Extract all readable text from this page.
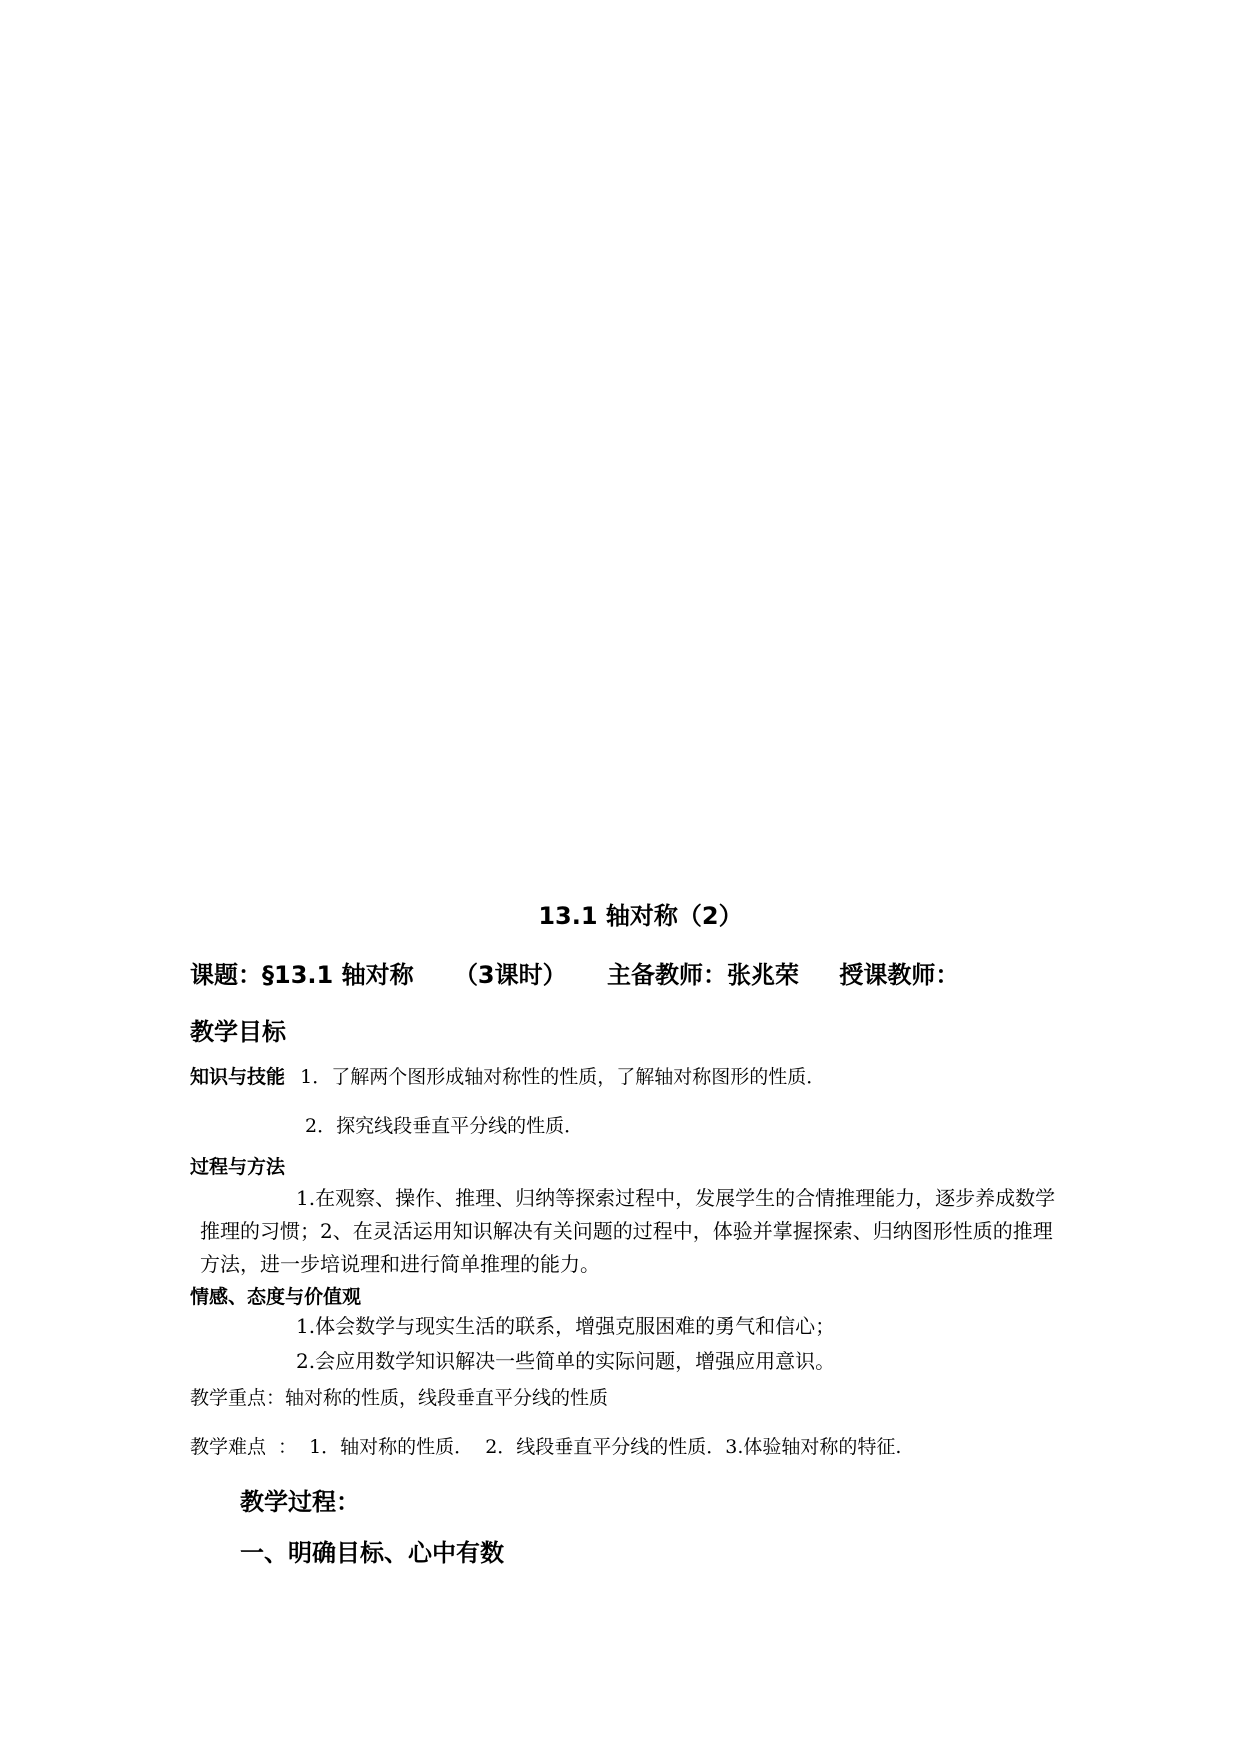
13.1 轴对称（2）
课题：§13.1 轴对称 （3课时） 主备教师：张兆荣 授课教师：
教学目标
知识与技能 1．了解两个图形成轴对称性的性质，了解轴对称图形的性质．
2．探究线段垂直平分线的性质．
过程与方法
1.在观察、操作、推理、归纳等探索过程中，发展学生的合情推理能力，逐步养成数学推理的习惯；2、在灵活运用知识解决有关问题的过程中，体验并掌握探索、归纳图形性质的推理方法，进一步培说理和进行简单推理的能力。
情感、态度与价值观
1.体会数学与现实生活的联系，增强克服困难的勇气和信心；
2.会应用数学知识解决一些简单的实际问题，增强应用意识。
教学重点：轴对称的性质，线段垂直平分线的性质
教学难点 ： 1．轴对称的性质． 2．线段垂直平分线的性质．3.体验轴对称的特征.
教学过程：
一、明确目标、心中有数
